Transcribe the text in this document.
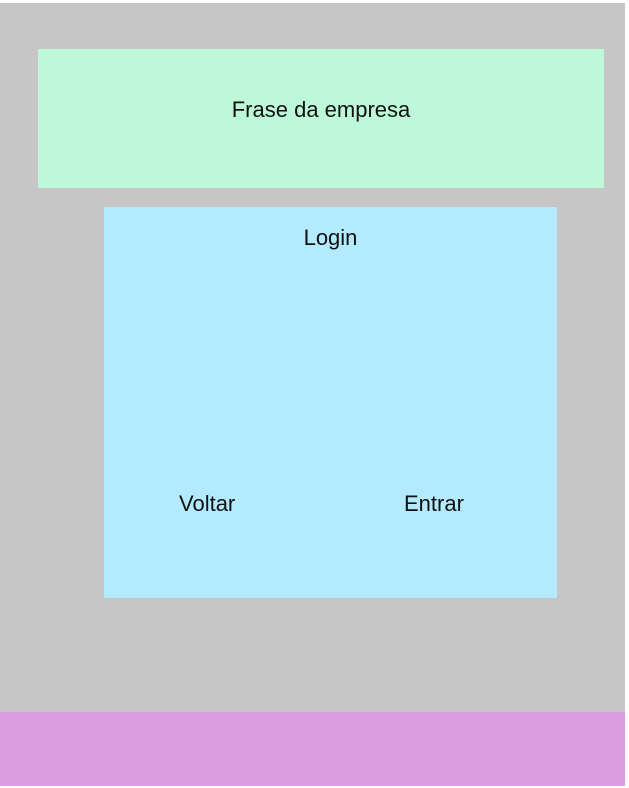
Frase da empresa
Login
Voltar	Entrar
